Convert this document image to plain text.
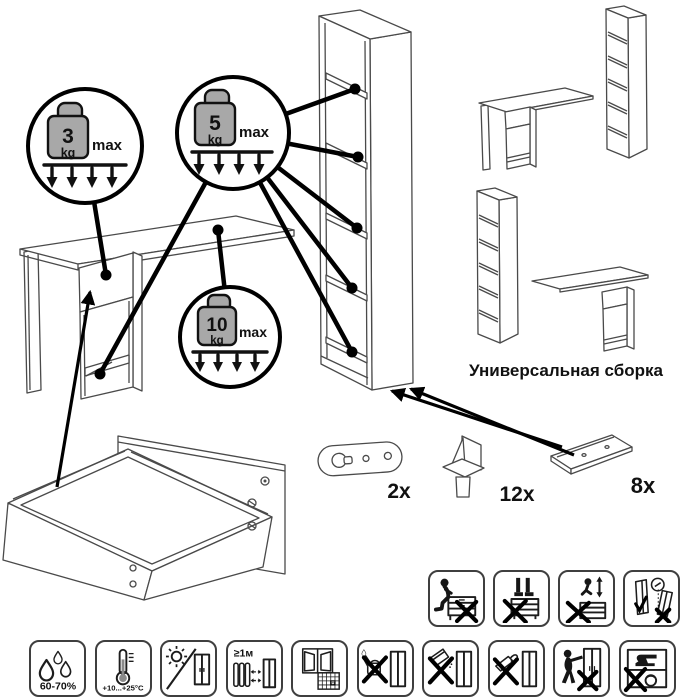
Универсальная сборка
2x	12x	8x
3
kg max
5
kg max
10
kg
max
60-70%	+10...+25°С
≥1м
21
